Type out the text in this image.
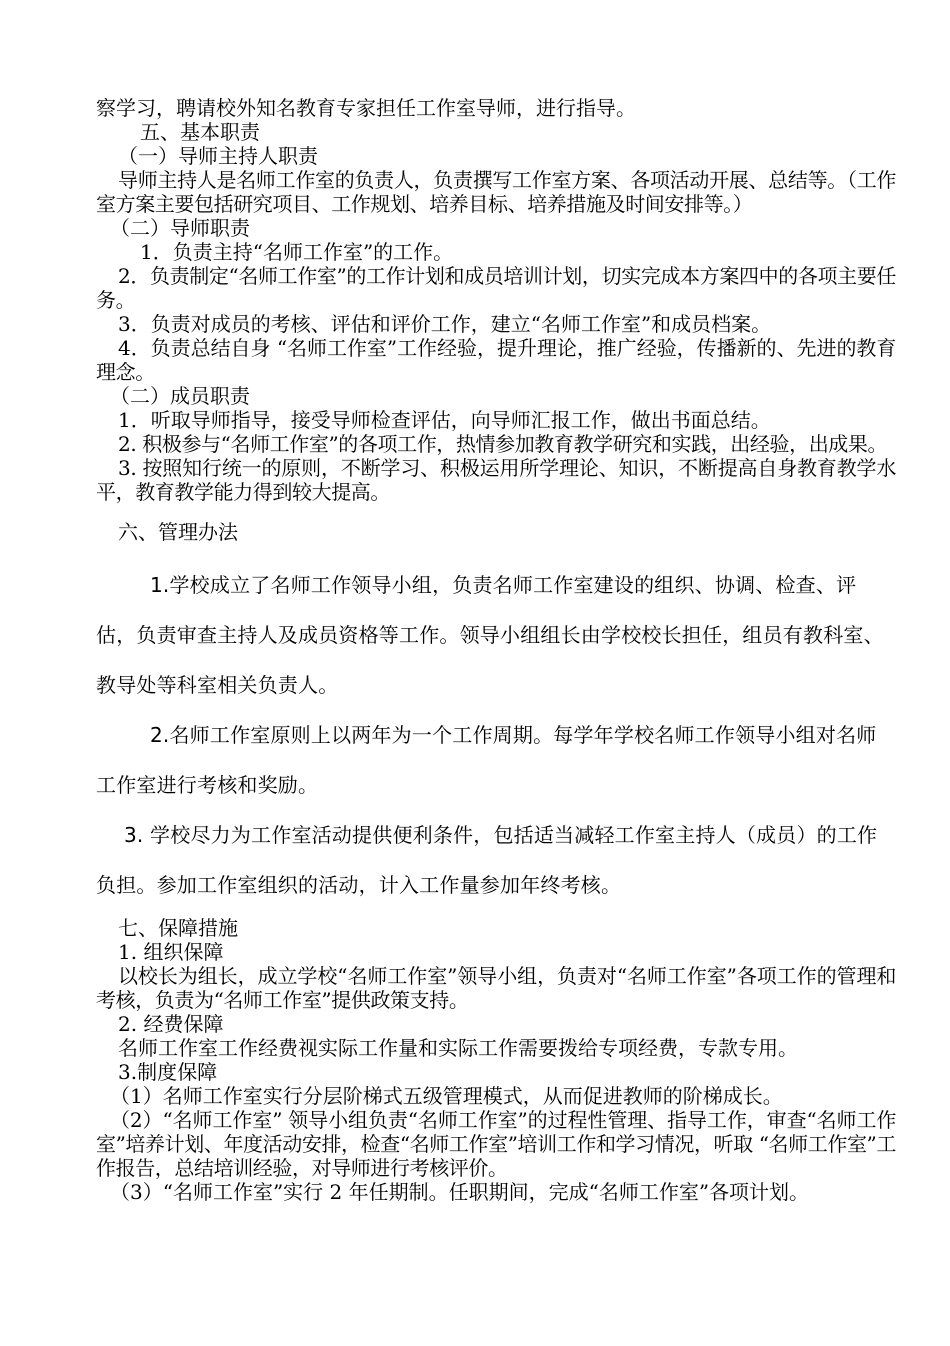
察学习，聘请校外知名教育专家担任工作室导师，进行指导。

五、基本职责

（一）导师主持人职责

导师主持人是名师工作室的负责人，负责撰写工作室方案、各项活动开展、总结等。（工作室方案主要包括研究项目、工作规划、培养目标、培养措施及时间安排等。）

（二）导师职责

1．负责主持“名师工作室”的工作。

2．负责制定“名师工作室”的工作计划和成员培训计划，切实完成本方案四中的各项主要任务。

3．负责对成员的考核、评估和评价工作，建立“名师工作室”和成员档案。

4．负责总结自身 “名师工作室”工作经验，提升理论，推广经验，传播新的、先进的教育理念。

（二）成员职责

1．听取导师指导，接受导师检查评估，向导师汇报工作，做出书面总结。

2. 积极参与“名师工作室”的各项工作，热情参加教育教学研究和实践，出经验，出成果。

3. 按照知行统一的原则，不断学习、积极运用所学理论、知识，不断提高自身教育教学水平，教育教学能力得到较大提高。

六、管理办法

1.学校成立了名师工作领导小组，负责名师工作室建设的组织、协调、检查、评估，负责审查主持人及成员资格等工作。领导小组组长由学校校长担任，组员有教科室、教导处等科室相关负责人。

2.名师工作室原则上以两年为一个工作周期。每学年学校名师工作领导小组对名师工作室进行考核和奖励。

3. 学校尽力为工作室活动提供便利条件，包括适当减轻工作室主持人（成员）的工作负担。参加工作室组织的活动，计入工作量参加年终考核。

七、保障措施

1. 组织保障

以校长为组长，成立学校“名师工作室”领导小组，负责对“名师工作室”各项工作的管理和考核，负责为“名师工作室”提供政策支持。

2. 经费保障

名师工作室工作经费视实际工作量和实际工作需要拨给专项经费，专款专用。

3.制度保障

（1）名师工作室实行分层阶梯式五级管理模式，从而促进教师的阶梯成长。

（2）“名师工作室” 领导小组负责“名师工作室”的过程性管理、指导工作，审查“名师工作室”培养计划、年度活动安排，检查“名师工作室”培训工作和学习情况，听取 “名师工作室”工作报告，总结培训经验，对导师进行考核评价。

（3）“名师工作室”实行 2 年任期制。任职期间，完成“名师工作室”各项计划。
